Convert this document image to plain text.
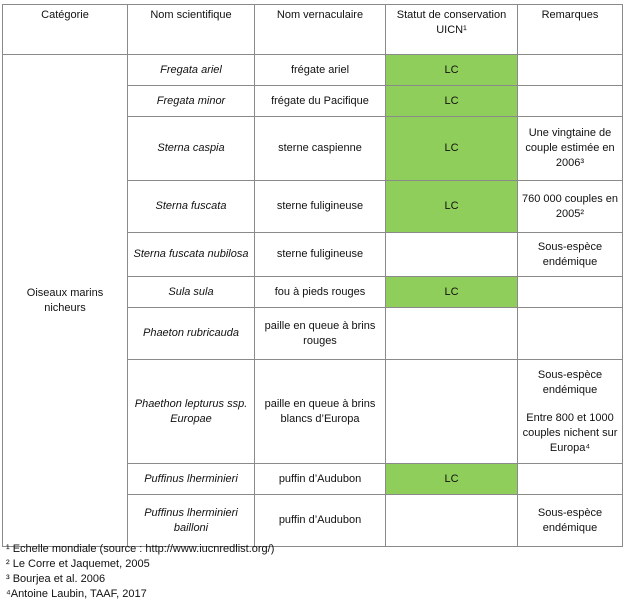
Catégorie	Nom scientifique	Nom vernaculaire	Statut de conservation UICN¹	Remarques
Oiseaux marins nicheurs	Fregata ariel	frégate ariel	LC	
	Fregata minor	frégate du Pacifique	LC	
	Sterna caspia	sterne caspienne	LC	Une vingtaine de couple estimée en 2006³

	Sterna fuscata	sterne fuligineuse	LC	760 000 couples en 2005²

	Sterna fuscata nubilosa	sterne fuligineuse		Sous-espèce endémique

	Sula sula	fou à pieds rouges	LC	
	Phaeton rubricauda	paille en queue à brins rouges		
	Phaethon lepturus ssp. Europae	paille en queue à brins blancs d’Europa		Sous-espèce endémique

Entre 800 et 1000 couples nichent sur Europa⁴

	Puffinus lherminieri	puffin d’Audubon	LC	
	Puffinus lherminieri bailloni	puffin d’Audubon		Sous-espèce endémique

¹ Echelle mondiale (source : http://www.iucnredlist.org/)
² Le Corre et Jaquemet, 2005
³ Bourjea et al. 2006
⁴Antoine Laubin, TAAF, 2017
